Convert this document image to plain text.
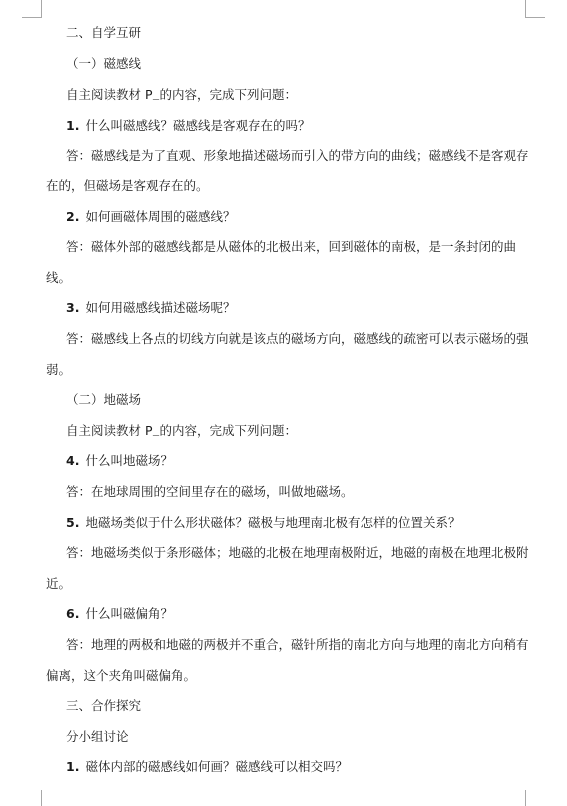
二、自学互研
（一）磁感线
自主阅读教材 $P_—$的内容，完成下列问题：
1. 什么叫磁感线？磁感线是客观存在的吗？
答：磁感线是为了直观、形象地描述磁场而引入的带方向的曲线；磁感线不是客观存
在的，但磁场是客观存在的。
2. 如何画磁体周围的磁感线？
答：磁体外部的磁感线都是从磁体的北极出来，回到磁体的南极，是一条封闭的曲
线。
3. 如何用磁感线描述磁场呢？
答：磁感线上各点的切线方向就是该点的磁场方向，磁感线的疏密可以表示磁场的强
弱。
（二）地磁场
自主阅读教材 $P_—$的内容，完成下列问题：
4. 什么叫地磁场？
答：在地球周围的空间里存在的磁场，叫做地磁场。
5. 地磁场类似于什么形状磁体？磁极与地理南北极有怎样的位置关系？
答：地磁场类似于条形磁体；地磁的北极在地理南极附近，地磁的南极在地理北极附
近。
6. 什么叫磁偏角？
答：地理的两极和地磁的两极并不重合，磁针所指的南北方向与地理的南北方向稍有
偏离，这个夹角叫磁偏角。
三、合作探究
分小组讨论
1. 磁体内部的磁感线如何画？磁感线可以相交吗？
